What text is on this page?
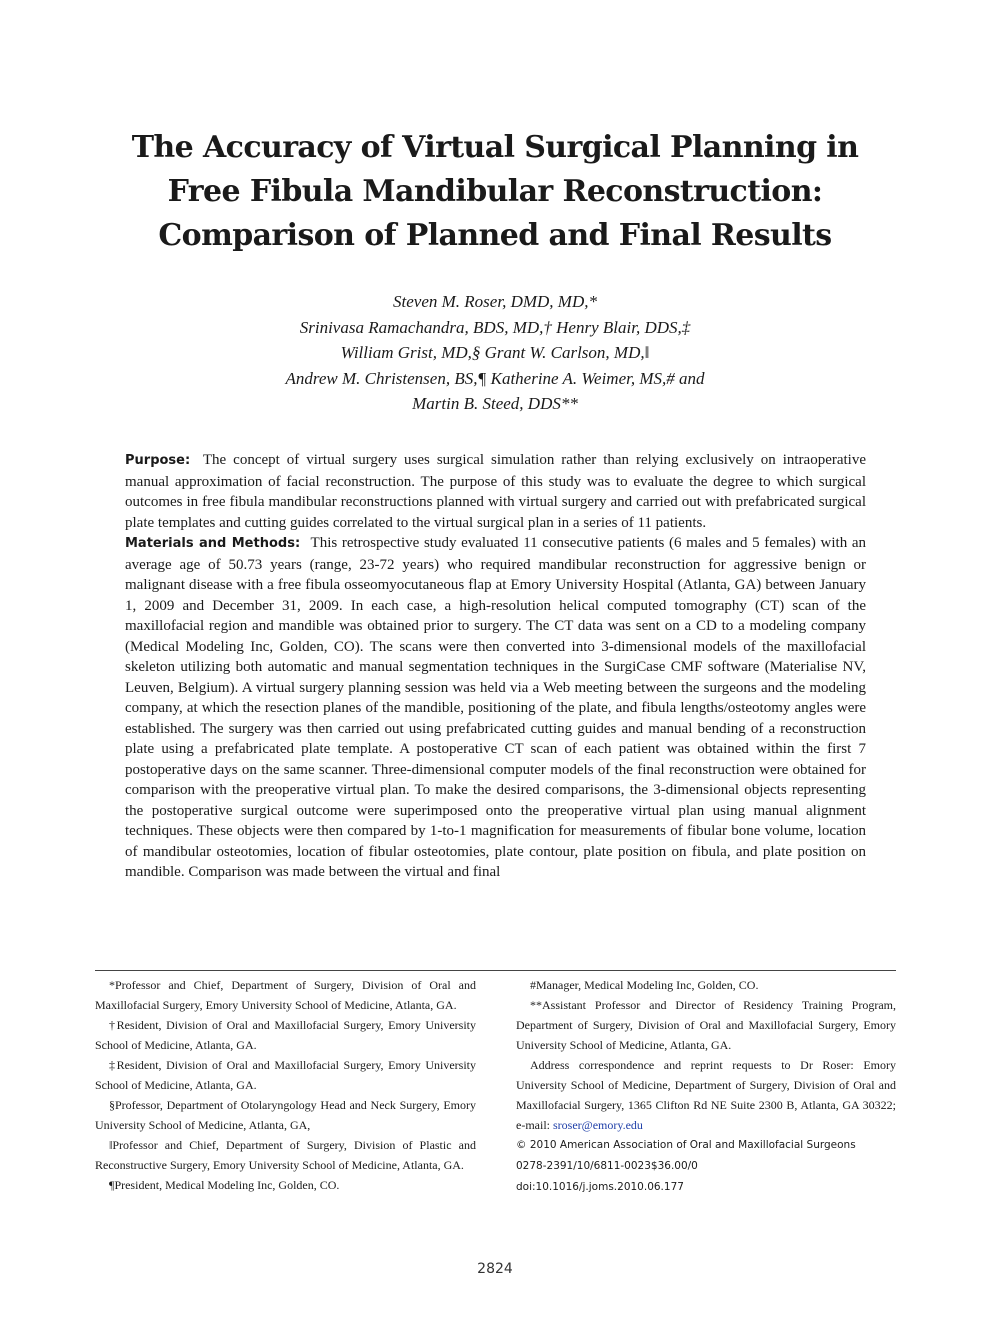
The Accuracy of Virtual Surgical Planning in
Free Fibula Mandibular Reconstruction:
Comparison of Planned and Final Results
Steven M. Roser, DMD, MD,*
Srinivasa Ramachandra, BDS, MD,† Henry Blair, DDS,‡
William Grist, MD,§ Grant W. Carlson, MD,‖
Andrew M. Christensen, BS,¶ Katherine A. Weimer, MS,# and
Martin B. Steed, DDS**

Purpose: The concept of virtual surgery uses surgical simulation rather than relying exclusively on intraoperative manual approximation of facial reconstruction. The purpose of this study was to evaluate the degree to which surgical outcomes in free fibula mandibular reconstructions planned with virtual surgery and carried out with prefabricated surgical plate templates and cutting guides correlated to the virtual surgical plan in a series of 11 patients.

Materials and Methods: This retrospective study evaluated 11 consecutive patients (6 males and 5 females) with an average age of 50.73 years (range, 23-72 years) who required mandibular reconstruction for aggressive benign or malignant disease with a free fibula osseomyocutaneous flap at Emory University Hospital (Atlanta, GA) between January 1, 2009 and December 31, 2009. In each case, a high-resolution helical computed tomography (CT) scan of the maxillofacial region and mandible was obtained prior to surgery. The CT data was sent on a CD to a modeling company (Medical Modeling Inc, Golden, CO). The scans were then converted into 3-dimensional models of the maxillofacial skeleton utilizing both automatic and manual segmentation techniques in the SurgiCase CMF software (Materialise NV, Leuven, Belgium). A virtual surgery planning session was held via a Web meeting between the surgeons and the modeling company, at which the resection planes of the mandible, positioning of the plate, and fibula lengths/osteotomy angles were established. The surgery was then carried out using prefabricated cutting guides and manual bending of a reconstruction plate using a prefabricated plate template. A postoperative CT scan of each patient was obtained within the first 7 postoperative days on the same scanner. Three-dimensional computer models of the final reconstruction were obtained for comparison with the preoperative virtual plan. To make the desired comparisons, the 3-dimensional objects representing the postoperative surgical outcome were superimposed onto the preoperative virtual plan using manual alignment techniques. These objects were then compared by 1-to-1 magnification for measurements of fibular bone volume, location of mandibular osteotomies, location of fibular osteotomies, plate contour, plate position on fibula, and plate position on mandible. Comparison was made between the virtual and final

*Professor and Chief, Department of Surgery, Division of Oral and Maxillofacial Surgery, Emory University School of Medicine, Atlanta, GA.

†Resident, Division of Oral and Maxillofacial Surgery, Emory University School of Medicine, Atlanta, GA.

‡Resident, Division of Oral and Maxillofacial Surgery, Emory University School of Medicine, Atlanta, GA.

§Professor, Department of Otolaryngology Head and Neck Surgery, Emory University School of Medicine, Atlanta, GA,

‖Professor and Chief, Department of Surgery, Division of Plastic and Reconstructive Surgery, Emory University School of Medicine, Atlanta, GA.

¶President, Medical Modeling Inc, Golden, CO.

#Manager, Medical Modeling Inc, Golden, CO.

**Assistant Professor and Director of Residency Training Program, Department of Surgery, Division of Oral and Maxillofacial Surgery, Emory University School of Medicine, Atlanta, GA.

Address correspondence and reprint requests to Dr Roser: Emory University School of Medicine, Department of Surgery, Division of Oral and Maxillofacial Surgery, 1365 Clifton Rd NE Suite 2300 B, Atlanta, GA 30322; e-mail: sroser@emory.edu

© 2010 American Association of Oral and Maxillofacial Surgeons

0278-2391/10/6811-0023$36.00/0

doi:10.1016/j.joms.2010.06.177

2824
